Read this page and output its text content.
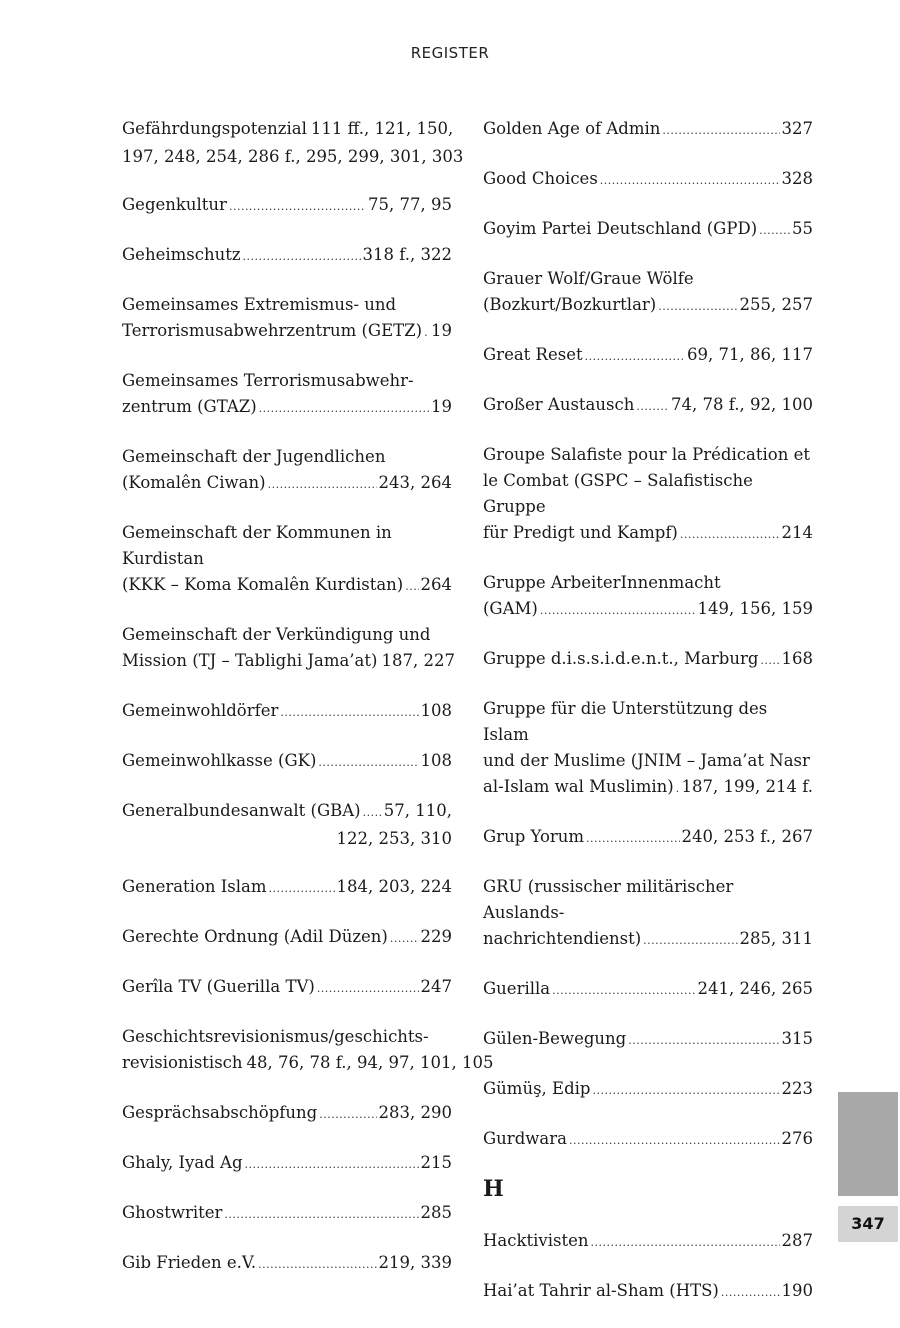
REGISTER
Gefährdungspotenzial 111 ff., 121, 150,
197, 248, 254, 286 f., 295, 299, 301, 303
Gegenkultur .....	75, 77, 95
Geheimschutz .....	318 f., 322
Gemeinsames Extremismus- und
Terrorismusabwehrzentrum (GETZ) ..... 19
Gemeinsames Terrorismusabwehr-
zentrum (GTAZ) .....	19
Gemeinschaft der Jugendlichen
(Komalên Ciwan) .....	243, 264
Gemeinschaft der Kommunen in Kurdistan
(KKK – Koma Komalên Kurdistan) ..... 264
Gemeinschaft der Verkündigung und
Mission (TJ – Tablighi Jama’at) 187, 227
Gemeinwohldörfer .....	108
Gemeinwohlkasse (GK) .....	108
Generalbundesanwalt (GBA) ..... 57, 110,
122, 253, 310
Generation Islam .....	184, 203, 224
Gerechte Ordnung (Adil Düzen) ..... 229
Gerîla TV (Guerilla TV) .....	247
Geschichtsrevisionismus/geschichts-
revisionistisch 48, 76, 78 f., 94, 97, 101, 105
Gesprächsabschöpfung .....	283, 290
Ghaly, Iyad Ag .....	215
Ghostwriter .....	285
Gib Frieden e.V. .....	219, 339
Golden Age of Admin .....	327
Good Choices .....	328
Goyim Partei Deutschland (GPD) ..... 55
Grauer Wolf/Graue Wölfe
(Bozkurt/Bozkurtlar) .....	255, 257
Great Reset .....	69, 71, 86, 117
Großer Austausch ..... 74, 78 f., 92, 100
Groupe Salafiste pour la Prédication et
le Combat (GSPC – Salafistische Gruppe
für Predigt und Kampf) .....	214
Gruppe ArbeiterInnenmacht
(GAM) .....	149, 156, 159
Gruppe d.i.s.s.i.d.e.n.t., Marburg ..... 168
Gruppe für die Unterstützung des Islam
und der Muslime (JNIM – Jama’at Nasr
al-Islam wal Muslimin) ..... 187, 199, 214 f.
Grup Yorum .....	240, 253 f., 267
GRU (russischer militärischer Auslands-
nachrichtendienst) .....	285, 311
Guerilla .....	241, 246, 265
Gülen-Bewegung .....	315
Gümüş, Edip .....	223
Gurdwara .....	276
H
Hacktivisten .....	287
Hai’at Tahrir al-Sham (HTS) .....	190
347
